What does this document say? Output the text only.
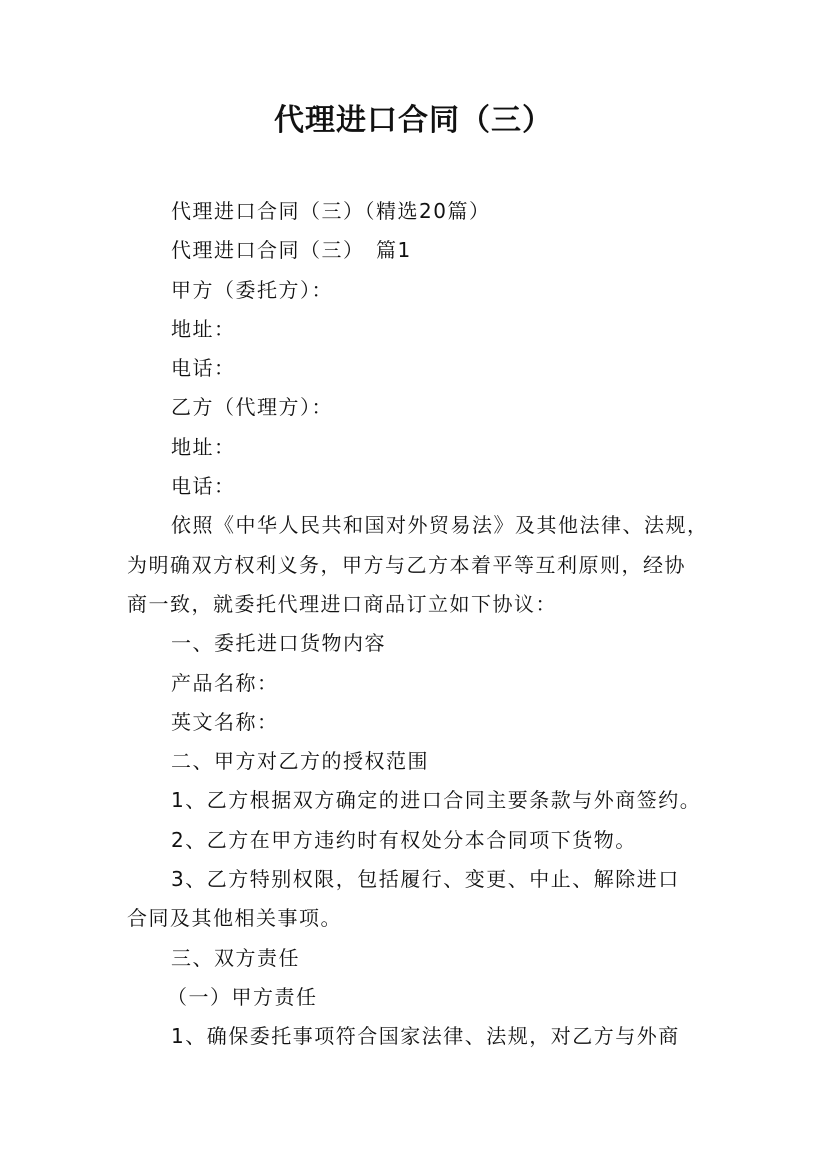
代理进口合同（三）
代理进口合同（三）（精选20篇）
代理进口合同（三）　篇1
甲方（委托方）：
地址：
电话：
乙方（代理方）：
地址：
电话：
依照《中华人民共和国对外贸易法》及其他法律、法规，
为明确双方权利义务，甲方与乙方本着平等互利原则，经协
商一致，就委托代理进口商品订立如下协议：
一、委托进口货物内容
产品名称：
英文名称：
二、甲方对乙方的授权范围
1、乙方根据双方确定的进口合同主要条款与外商签约。
2、乙方在甲方违约时有权处分本合同项下货物。
3、乙方特别权限，包括履行、变更、中止、解除进口
合同及其他相关事项。
三、双方责任
（一）甲方责任
1、确保委托事项符合国家法律、法规，对乙方与外商
